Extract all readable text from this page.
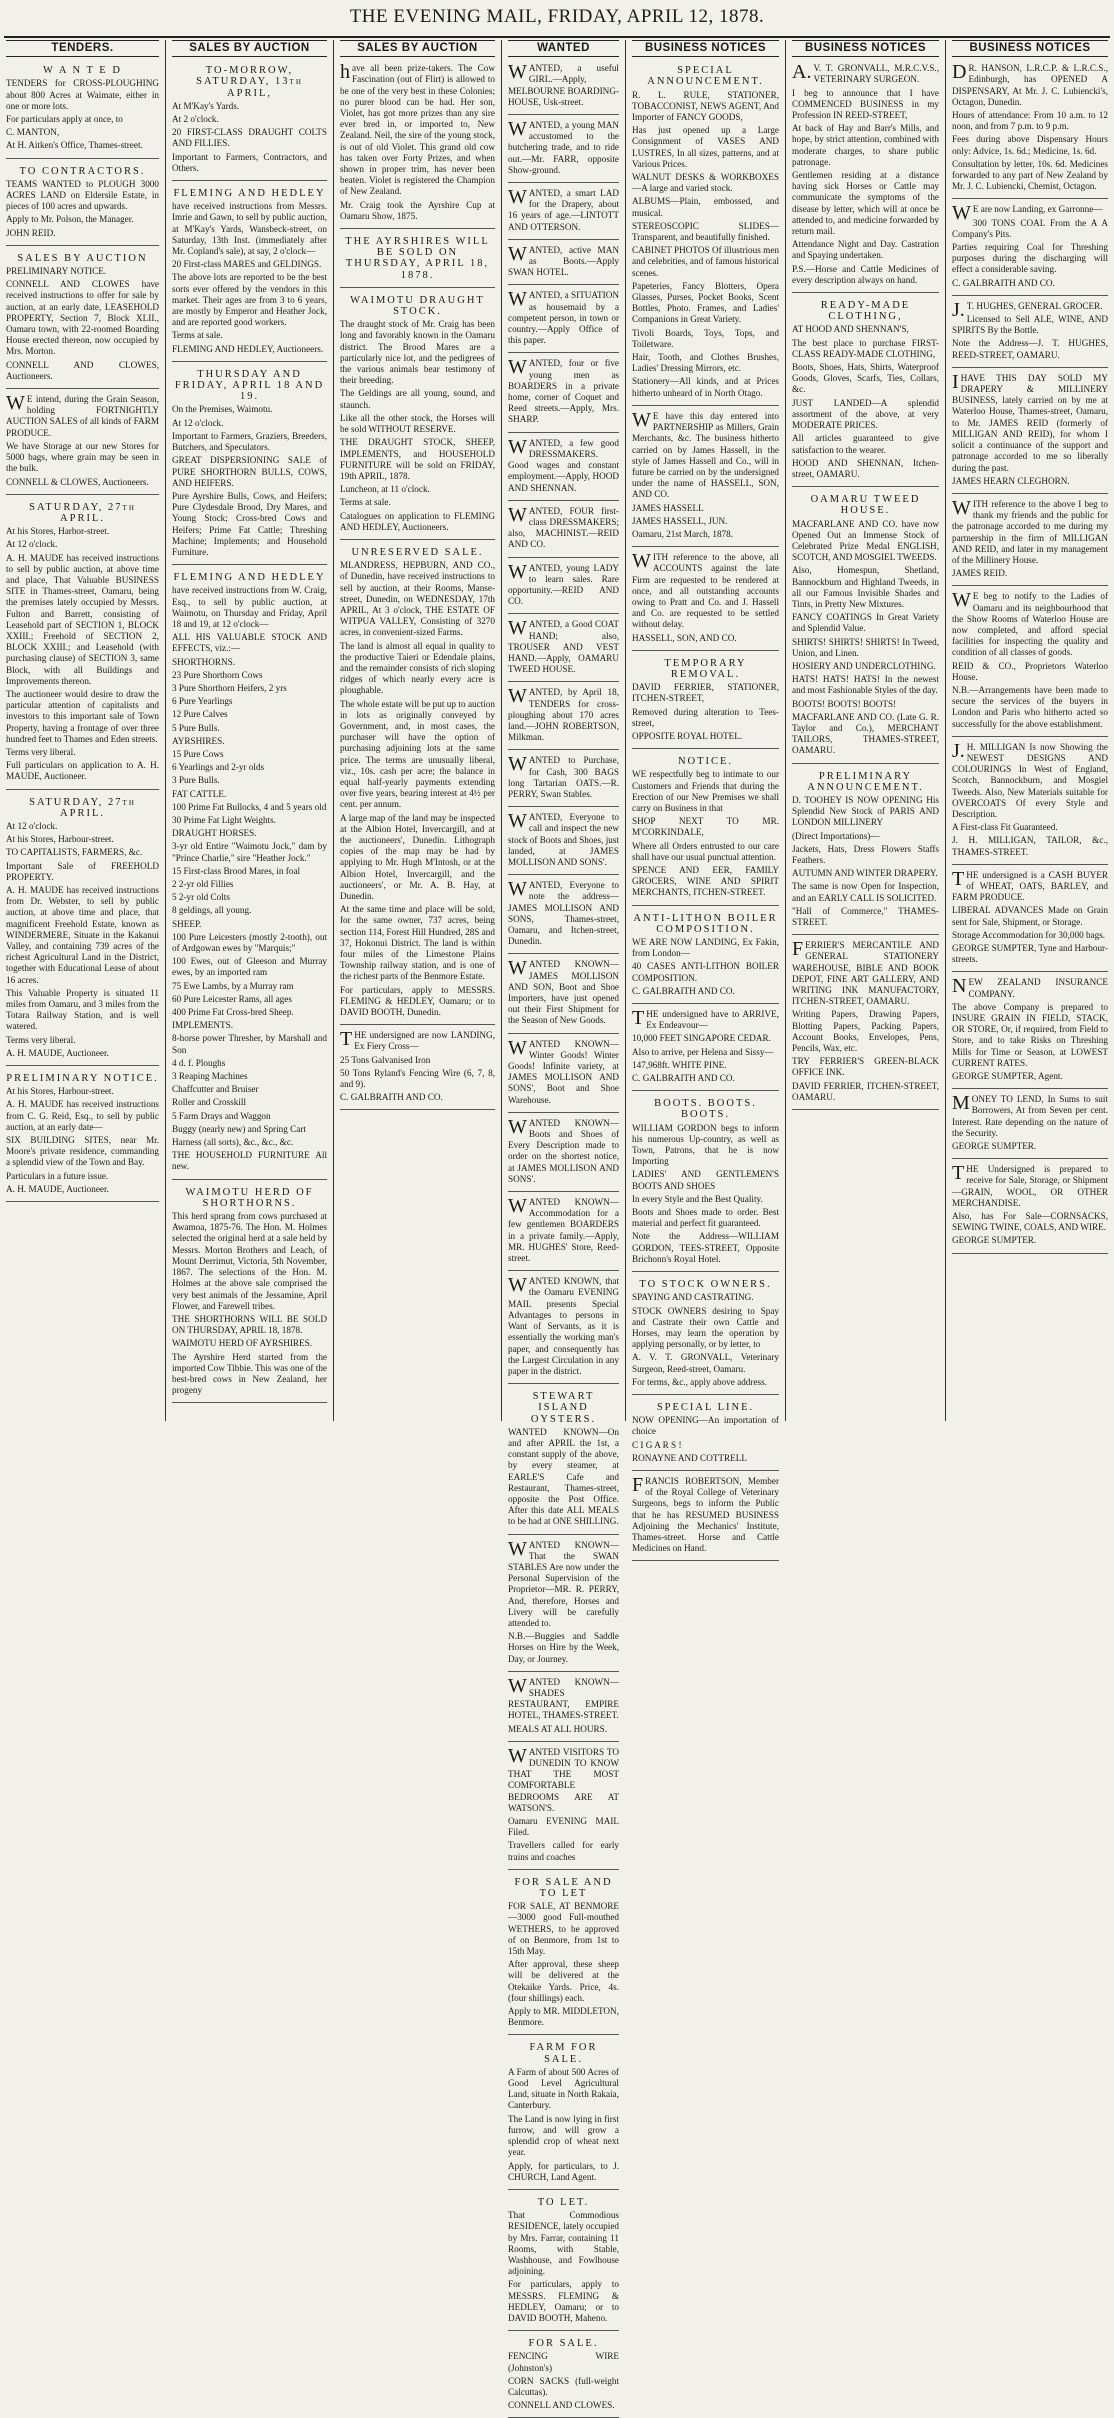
THE EVENING MAIL, FRIDAY, APRIL 12, 1878.
TENDERS.
W A N T E D

TENDERS for CROSS-PLOUGHING about 800 Acres at Waimate, either in one or more lots.

For particulars apply at once, to

C. MANTON,

At H. Aitken's Office, Thames-street.

TO CONTRACTORS.

TEAMS WANTED to PLOUGH 3000 ACRES LAND on Eldersile Estate, in pieces of 100 acres and upwards.

Apply to Mr. Polson, the Manager.

JOHN REID.

SALES BY AUCTION

PRELIMINARY NOTICE.

CONNELL AND CLOWES have received instructions to offer for sale by auction, at an early date, LEASEHOLD PROPERTY, Section 7, Block XLII., Oamaru town, with 22-roomed Boarding House erected thereon, now occupied by Mrs. Morton.

CONNELL AND CLOWES, Auctioneers.

WE intend, during the Grain Season, holding FORTNIGHTLY AUCTION SALES of all kinds of FARM PRODUCE.

We have Storage at our new Stores for 5000 bags, where grain may be seen in the bulk.

CONNELL & CLOWES, Auctioneers.

SATURDAY, 27th APRIL.

At his Stores, Harbor-street.

At 12 o'clock.

A. H. MAUDE has received instructions to sell by public auction, at above time and place, That Valuable BUSINESS SITE in Thames-street, Oamaru, being the premises lately occupied by Messrs. Fulton and Barrett, consisting of Leasehold part of SECTION 1, BLOCK XXIII.; Freehold of SECTION 2, BLOCK XXIII.; and Leasehold (with purchasing clause) of SECTION 3, same Block, with all Buildings and Improvements thereon.

The auctioneer would desire to draw the particular attention of capitalists and investors to this important sale of Town Property, having a frontage of over three hundred feet to Thames and Eden streets.

Terms very liberal.

Full particulars on application to A. H. MAUDE, Auctioneer.

SATURDAY, 27th APRIL.

At 12 o'clock.

At his Stores, Harbour-street.

TO CAPITALISTS, FARMERS, &c.

Important Sale of FREEHOLD PROPERTY.

A. H. MAUDE has received instructions from Dr. Webster, to sell by public auction, at above time and place, that magnificent Freehold Estate, known as WINDERMERE, Situate in the Kakanui Valley, and containing 739 acres of the richest Agricultural Land in the District, together with Educational Lease of about 16 acres.

This Valuable Property is situated 11 miles from Oamaru, and 3 miles from the Totara Railway Station, and is well watered.

Terms very liberal.

A. H. MAUDE, Auctioneer.

PRELIMINARY NOTICE.

At his Stores, Harbour-street.

A. H. MAUDE has received instructions from C. G. Reid, Esq., to sell by public auction, at an early date—

SIX BUILDING SITES, near Mr. Moore's private residence, commanding a splendid view of the Town and Bay.

Particulars in a future issue.

A. H. MAUDE, Auctioneer.

SALES BY AUCTION
TO-MORROW, SATURDAY, 13th APRIL,

At M'Kay's Yards.

At 2 o'clock.

20 FIRST-CLASS DRAUGHT COLTS AND FILLIES.

Important to Farmers, Contractors, and Others.

FLEMING AND HEDLEY

have received instructions from Messrs. Imrie and Gawn, to sell by public auction, at M'Kay's Yards, Wansbeck-street, on Saturday, 13th Inst. (immediately after Mr. Copland's sale), at say, 2 o'clock—

20 First-class MARES and GELDINGS.

The above lots are reported to be the best sorts ever offered by the vendors in this market. Their ages are from 3 to 6 years, are mostly by Emperor and Heather Jock, and are reported good workers.

Terms at sale.

FLEMING AND HEDLEY, Auctioneers.

THURSDAY AND FRIDAY, APRIL 18 AND 19.

On the Premises, Waimotu.

At 12 o'clock.

Important to Farmers, Graziers, Breeders, Butchers, and Speculators.

GREAT DISPERSIONING SALE of PURE SHORTHORN BULLS, COWS, AND HEIFERS.

Pure Ayrshire Bulls, Cows, and Heifers; Pure Clydesdale Brood, Dry Mares, and Young Stock; Cross-bred Cows and Heifers; Prime Fat Cattle; Threshing Machine; Implements; and Household Furniture.

FLEMING AND HEDLEY

have received instructions from W. Craig, Esq., to sell by public auction, at Waimotu, on Thursday and Friday, April 18 and 19, at 12 o'clock—

ALL HIS VALUABLE STOCK AND EFFECTS, viz.:—

SHORTHORNS.

23 Pure Shorthorn Cows

3 Pure Shorthorn Heifers, 2 yrs

6 Pure Yearlings

12 Pure Calves

5 Pure Bulls.

AYRSHIRES.

15 Pure Cows

6 Yearlings and 2-yr olds

3 Pure Bulls.

FAT CATTLE.

100 Prime Fat Bullocks, 4 and 5 years old

30 Prime Fat Light Weights.

DRAUGHT HORSES.

3-yr old Entire "Waimotu Jock," dam by "Prince Charlie," sire "Heather Jock."

15 First-class Brood Mares, in foal

2 2-yr old Fillies

5 2-yr old Colts

8 geldings, all young.

SHEEP.

100 Pure Leicesters (mostly 2-tooth), out of Ardgowan ewes by "Marquis;"

100 Ewes, out of Gleeson and Murray ewes, by an imported ram

75 Ewe Lambs, by a Murray ram

60 Pure Leicester Rams, all ages

400 Prime Fat Cross-bred Sheep.

IMPLEMENTS.

8-horse power Thresher, by Marshall and Son

4 d. f. Ploughs

3 Reaping Machines

Chaffcutter and Bruiser

Roller and Crosskill

5 Farm Drays and Waggon

Buggy (nearly new) and Spring Cart

Harness (all sorts), &c., &c., &c.

THE HOUSEHOLD FURNITURE All new.

WAIMOTU HERD OF SHORTHORNS.

This herd sprang from cows purchased at Awamoa, 1875-76. The Hon. M. Holmes selected the original herd at a sale held by Messrs. Morton Brothers and Leach, of Mount Derrimut, Victoria, 5th November, 1867. The selections of the Hon. M. Holmes at the above sale comprised the very best animals of the Jessamine, April Flower, and Farewell tribes.

THE SHORTHORNS WILL BE SOLD ON THURSDAY, APRIL 18, 1878.

WAIMOTU HERD OF AYRSHIRES.

The Ayrshire Herd started from the imported Cow Tibbie. This was one of the best-bred cows in New Zealand, her progeny

SALES BY AUCTION

have all been prize-takers. The Cow Fascination (out of Flirt) is allowed to be one of the very best in these Colonies; no purer blood can be had. Her son, Violet, has got more prizes than any sire ever bred in, or imported to, New Zealand. Neil, the sire of the young stock, is out of old Violet. This grand old cow has taken over Forty Prizes, and when shown in proper trim, has never been beaten. Violet is registered the Champion of New Zealand.

Mr. Craig took the Ayrshire Cup at Oamaru Show, 1875.

THE AYRSHIRES WILL BE SOLD ON THURSDAY, APRIL 18, 1878.
WAIMOTU DRAUGHT STOCK.

The draught stock of Mr. Craig has been long and favorably known in the Oamaru district. The Brood Mares are a particularly nice lot, and the pedigrees of the various animals bear testimony of their breeding.

The Geldings are all young, sound, and staunch.

Like all the other stock, the Horses will be sold WITHOUT RESERVE.

THE DRAUGHT STOCK, SHEEP, IMPLEMENTS, and HOUSEHOLD FURNITURE will be sold on FRIDAY, 19th APRIL, 1878.

Luncheon, at 11 o'clock.

Terms at sale.

Catalogues on application to FLEMING AND HEDLEY, Auctioneers.

UNRESERVED SALE.

MLANDRESS, HEPBURN, AND CO., of Dunedin, have received instructions to sell by auction, at their Rooms, Manse-street, Dunedin, on WEDNESDAY, 17th APRIL, At 3 o'clock, THE ESTATE OF WITPUA VALLEY, Consisting of 3270 acres, in convenient-sized Farms.

The land is almost all equal in quality to the productive Taieri or Edendale plains, and the remainder consists of rich sloping ridges of which nearly every acre is ploughable.

The whole estate will be put up to auction in lots as originally conveyed by Government, and, in most cases, the purchaser will have the option of purchasing adjoining lots at the same price. The terms are unusually liberal, viz., 10s. cash per acre; the balance in equal half-yearly payments extending over five years, bearing interest at 4½ per cent. per annum.

A large map of the land may be inspected at the Albion Hotel, Invercargill, and at the auctioneers', Dunedin. Lithograph copies of the map may be had by applying to Mr. Hugh M'Intosh, or at the Albion Hotel, Invercargill, and the auctioneers', or Mr. A. B. Hay, at Dunedin.

At the same time and place will be sold, for the same owner, 737 acres, being section 114, Forest Hill Hundred, 28S and 37, Hokonui District. The land is within four miles of the Limestone Plains Township railway station, and is one of the richest parts of the Benmore Estate.

For particulars, apply to MESSRS. FLEMING & HEDLEY, Oamaru; or to DAVID BOOTH, Dunedin.

THE undersigned are now LANDING, Ex Fiery Cross—

25 Tons Galvanised Iron

50 Tons Ryland's Fencing Wire (6, 7, 8, and 9).

C. GALBRAITH AND CO.

WANTED

WANTED, a useful GIRL.—Apply, MELBOURNE BOARDING-HOUSE, Usk-street.

WANTED, a young MAN accustomed to the butchering trade, and to ride out.—Mr. FARR, opposite Show-ground.

WANTED, a smart LAD for the Drapery, about 16 years of age.—LINTOTT AND OTTERSON.

WANTED, active MAN as Boots.—Apply SWAN HOTEL.

WANTED, a SITUATION as housemaid by a competent person, in town or country.—Apply Office of this paper.

WANTED, four or five young men as BOARDERS in a private home, corner of Coquet and Reed streets.—Apply, Mrs. SHARP.

WANTED, a few good DRESSMAKERS. Good wages and constant employment.—Apply, HOOD AND SHENNAN.

WANTED, FOUR first-class DRESSMAKERS; also, MACHINIST.—REID AND CO.

WANTED, young LADY to learn sales. Rare opportunity.—REID AND CO.

WANTED, a Good COAT HAND; also, TROUSER AND VEST HAND.—Apply, OAMARU TWEED HOUSE.

WANTED, by April 18, TENDERS for cross-ploughing about 170 acres land.—JOHN ROBERTSON, Milkman.

WANTED to Purchase, for Cash, 300 BAGS long Tartarian OATS.—R. PERRY, Swan Stables.

WANTED, Everyone to call and inspect the new stock of Boots and Shoes, just landed, at JAMES MOLLISON AND SONS'.

WANTED, Everyone to note the address—JAMES MOLLISON AND SONS, Thames-street, Oamaru, and Itchen-street, Dunedin.

WANTED KNOWN—JAMES MOLLISON AND SON, Boot and Shoe Importers, have just opened out their First Shipment for the Season of New Goods.

WANTED KNOWN—Winter Goods! Winter Goods! Infinite variety, at JAMES MOLLISON AND SONS', Boot and Shoe Warehouse.

WANTED KNOWN—Boots and Shoes of Every Description made to order on the shortest notice, at JAMES MOLLISON AND SONS'.

WANTED KNOWN—Accommodation for a few gentlemen BOARDERS in a private family.—Apply, MR. HUGHES' Store, Reed-street.

WANTED KNOWN, that the Oamaru EVENING MAIL presents Special Advantages to persons in Want of Servants, as it is essentially the working man's paper, and consequently has the Largest Circulation in any paper in the district.

STEWART ISLAND OYSTERS.

WANTED KNOWN—On and after APRIL the 1st, a constant supply of the above, by every steamer, at EARLE'S Cafe and Restaurant, Thames-street, opposite the Post Office. After this date ALL MEALS to be had at ONE SHILLING.

WANTED KNOWN—That the SWAN STABLES Are now under the Personal Supervision of the Proprietor—MR. R. PERRY, And, therefore, Horses and Livery will be carefully attended to.

N.B.—Buggies and Saddle Horses on Hire by the Week, Day, or Journey.

WANTED KNOWN—SHADES RESTAURANT, EMPIRE HOTEL, THAMES-STREET.

MEALS AT ALL HOURS.

WANTED VISITORS TO DUNEDIN TO KNOW THAT THE MOST COMFORTABLE BEDROOMS ARE AT WATSON'S.

Oamaru EVENING MAIL Filed.

Travellers called for early trains and coaches

FOR SALE AND TO LET

FOR SALE, AT BENMORE—3000 good Full-mouthed WETHERS, to be approved of on Benmore, from 1st to 15th May.

After approval, these sheep will be delivered at the Otekaike Yards. Price, 4s. (four shillings) each.

Apply to MR. MIDDLETON, Benmore.

FARM FOR SALE.

A Farm of about 500 Acres of Good Level Agricultural Land, situate in North Rakaia, Canterbury.

The Land is now lying in first furrow, and will grow a splendid crop of wheat next year.

Apply, for particulars, to J. CHURCH, Land Agent.

TO LET.

That Commodious RESIDENCE, lately occupied by Mrs. Farrar, containing 11 Rooms, with Stable, Washhouse, and Fowlhouse adjoining.

For particulars, apply to MESSRS. FLEMING & HEDLEY, Oamaru; or to DAVID BOOTH, Maheno.

FOR SALE.

FENCING WIRE (Johnston's)

CORN SACKS (full-weight Calcuttas).

CONNELL AND CLOWES.

BUSINESS NOTICES
SPECIAL ANNOUNCEMENT.

R. L. RULE, STATIONER, TOBACCONIST, NEWS AGENT, And Importer of FANCY GOODS,

Has just opened up a Large Consignment of VASES AND LUSTRES, In all sizes, patterns, and at Various Prices.

WALNUT DESKS & WORKBOXES—A large and varied stock.

ALBUMS—Plain, embossed, and musical.

STEREOSCOPIC SLIDES—Transparent, and beautifully finished.

CABINET PHOTOS Of illustrious men and celebrities, and of famous historical scenes.

Papeteries, Fancy Blotters, Opera Glasses, Purses, Pocket Books, Scent Bottles, Photo. Frames, and Ladies' Companions in Great Variety.

Tivoli Boards, Toys, Tops, and Toiletware.

Hair, Tooth, and Clothes Brushes, Ladies' Dressing Mirrors, etc.

Stationery—All kinds, and at Prices hitherto unheard of in North Otago.

WE have this day entered into PARTNERSHIP as Millers, Grain Merchants, &c. The business hitherto carried on by James Hassell, in the style of James Hassell and Co., will in future be carried on by the undersigned under the name of HASSELL, SON, AND CO.

JAMES HASSELL

JAMES HASSELL, JUN.

Oamaru, 21st March, 1878.

WITH reference to the above, all ACCOUNTS against the late Firm are requested to be rendered at once, and all outstanding accounts owing to Pratt and Co. and J. Hassell and Co. are requested to be settled without delay.

HASSELL, SON, AND CO.

TEMPORARY REMOVAL.

DAVID FERRIER, STATIONER, ITCHEN-STREET,

Removed during alteration to Tees-street,

OPPOSITE ROYAL HOTEL.

NOTICE.

WE respectfully beg to intimate to our Customers and Friends that during the Erection of our New Premises we shall carry on Business in that

SHOP NEXT TO MR. M'CORKINDALE,

Where all Orders entrusted to our care shall have our usual punctual attention.

SPENCE AND EER, FAMILY GROCERS, WINE AND SPIRIT MERCHANTS, ITCHEN-STREET.

ANTI-LITHON BOILER COMPOSITION.

WE ARE NOW LANDING, Ex Fakin, from London—

40 CASES ANTI-LITHON BOILER COMPOSITION.

C. GALBRAITH AND CO.

THE undersigned have to ARRIVE, Ex Endeavour—

10,000 FEET SINGAPORE CEDAR.

Also to arrive, per Helena and Sissy—

147,968ft. WHITE PINE.

C. GALBRAITH AND CO.

BOOTS. BOOTS. BOOTS.

WILLIAM GORDON begs to inform his numerous Up-country, as well as Town, Patrons, that he is now Importing

LADIES' AND GENTLEMEN'S BOOTS AND SHOES

In every Style and the Best Quality.

Boots and Shoes made to order. Best material and perfect fit guaranteed.

Note the Address—WILLIAM GORDON, TEES-STREET, Opposite Brichonn's Royal Hotel.

TO STOCK OWNERS.

SPAYING AND CASTRATING.

STOCK OWNERS desiring to Spay and Castrate their own Cattle and Horses, may learn the operation by applying personally, or by letter, to

A. V. T. GRONVALL, Veterinary Surgeon, Reed-street, Oamaru.

For terms, &c., apply above address.

SPECIAL LINE.

NOW OPENING—An importation of choice

C I G A R S !

RONAYNE AND COTTRELL

FRANCIS ROBERTSON, Member of the Royal College of Veterinary Surgeons, begs to inform the Public that he has RESUMED BUSINESS Adjoining the Mechanics' Institute, Thames-street. Horse and Cattle Medicines on Hand.

BUSINESS NOTICES

A.V. T. GRONVALL, M.R.C.V.S., VETERINARY SURGEON.

I beg to announce that I have COMMENCED BUSINESS in my Profession IN REED-STREET,

At back of Hay and Barr's Mills, and hope, by strict attention, combined with moderate charges, to share public patronage.

Gentlemen residing at a distance having sick Horses or Cattle may communicate the symptoms of the disease by letter, which will at once be attended to, and medicine forwarded by return mail.

Attendance Night and Day. Castration and Spaying undertaken.

P.S.—Horse and Cattle Medicines of every description always on hand.

READY-MADE CLOTHING,

AT HOOD AND SHENNAN'S,

The best place to purchase FIRST-CLASS READY-MADE CLOTHING,

Boots, Shoes, Hats, Shirts, Waterproof Goods, Gloves, Scarfs, Ties, Collars, &c.

JUST LANDED—A splendid assortment of the above, at very MODERATE PRICES.

All articles guaranteed to give satisfaction to the wearer.

HOOD AND SHENNAN, Itchen-street, OAMARU.

OAMARU TWEED HOUSE.

MACFARLANE AND CO. have now Opened Out an Immense Stock of Celebrated Prize Medal ENGLISH, SCOTCH, AND MOSGIEL TWEEDS.

Also, Homespun, Shetland, Bannockburn and Highland Tweeds, in all our Famous Invisible Shades and Tints, in Pretty New Mixtures.

FANCY COATINGS In Great Variety and Splendid Value.

SHIRTS! SHIRTS! SHIRTS! In Tweed, Union, and Linen.

HOSIERY AND UNDERCLOTHING.

HATS! HATS! HATS! In the newest and most Fashionable Styles of the day.

BOOTS! BOOTS! BOOTS!

MACFARLANE AND CO. (Late G. R. Taylor and Co.), MERCHANT TAILORS, THAMES-STREET, OAMARU.

PRELIMINARY ANNOUNCEMENT.

D. TOOHEY IS NOW OPENING His Splendid New Stock of PARIS AND LONDON MILLINERY

(Direct Importations)—

Jackets, Hats, Dress Flowers Staffs Feathers.

AUTUMN AND WINTER DRAPERY.

The same is now Open for Inspection, and an EARLY CALL IS SOLICITED.

"Hall of Commerce," THAMES-STREET.

FERRIER'S MERCANTILE AND GENERAL STATIONERY WAREHOUSE, BIBLE AND BOOK DEPOT, FINE ART GALLERY, AND WRITING INK MANUFACTORY, ITCHEN-STREET, OAMARU.

Writing Papers, Drawing Papers, Blotting Papers, Packing Papers, Account Books, Envelopes, Pens, Pencils, Wax, etc.

TRY FERRIER'S GREEN-BLACK OFFICE INK.

DAVID FERRIER, ITCHEN-STREET, OAMARU.

BUSINESS NOTICES

DR. HANSON, L.R.C.P. & L.R.C.S., Edinburgh, has OPENED A DISPENSARY, At Mr. J. C. Lubiencki's, Octagon, Dunedin.

Hours of attendance: From 10 a.m. to 12 noon, and from 7 p.m. to 9 p.m.

Fees during above Dispensary Hours only: Advice, 1s. 6d.; Medicine, 1s. 6d.

Consultation by letter, 10s. 6d. Medicines forwarded to any part of New Zealand by Mr. J. C. Lubiencki, Chemist, Octagon.

WE are now Landing, ex Garronne—

300 TONS COAL From the A A Company's Pits.

Parties requiring Coal for Threshing purposes during the discharging will effect a considerable saving.

C. GALBRAITH AND CO.

J.T. HUGHES, GENERAL GROCER.

Licensed to Sell ALE, WINE, AND SPIRITS By the Bottle.

Note the Address—J. T. HUGHES, REED-STREET, OAMARU.

IHAVE THIS DAY SOLD MY DRAPERY & MILLINERY BUSINESS, lately carried on by me at Waterloo House, Thames-street, Oamaru, to Mr. JAMES REID (formerly of MILLIGAN AND REID), for whom I solicit a continuance of the support and patronage accorded to me so liberally during the past.

JAMES HEARN CLEGHORN.

WITH reference to the above I beg to thank my friends and the public for the patronage accorded to me during my partnership in the firm of MILLIGAN AND REID, and later in my management of the Millinery House.

JAMES REID.

WE beg to notify to the Ladies of Oamaru and its neighbourhood that the Show Rooms of Waterloo House are now completed, and afford special facilities for inspecting the quality and condition of all classes of goods.

REID & CO., Proprietors Waterloo House.

N.B.—Arrangements have been made to secure the services of the buyers in London and Paris who hitherto acted so successfully for the above establishment.

J.H. MILLIGAN Is now Showing the NEWEST DESIGNS AND COLOURINGS In West of England, Scotch, Bannockburn, and Mosgiel Tweeds. Also, New Materials suitable for OVERCOATS Of every Style and Description.

A First-class Fit Guaranteed.

J. H. MILLIGAN, TAILOR, &c., THAMES-STREET.

THE undersigned is a CASH BUYER of WHEAT, OATS, BARLEY, and FARM PRODUCE.

LIBERAL ADVANCES Made on Grain sent for Sale, Shipment, or Storage.

Storage Accommodation for 30,000 bags.

GEORGE SUMPTER, Tyne and Harbour-streets.

NEW ZEALAND INSURANCE COMPANY.

The above Company is prepared to INSURE GRAIN IN FIELD, STACK, OR STORE, Or, if required, from Field to Store, and to take Risks on Threshing Mills for Time or Season, at LOWEST CURRENT RATES.

GEORGE SUMPTER, Agent.

MONEY TO LEND, In Sums to suit Borrowers, At from Seven per cent. Interest. Rate depending on the nature of the Security.

GEORGE SUMPTER.

THE Undersigned is prepared to receive for Sale, Storage, or Shipment—GRAIN, WOOL, OR OTHER MERCHANDISE.

Also, has For Sale—CORNSACKS, SEWING TWINE, COALS, AND WIRE.

GEORGE SUMPTER.
